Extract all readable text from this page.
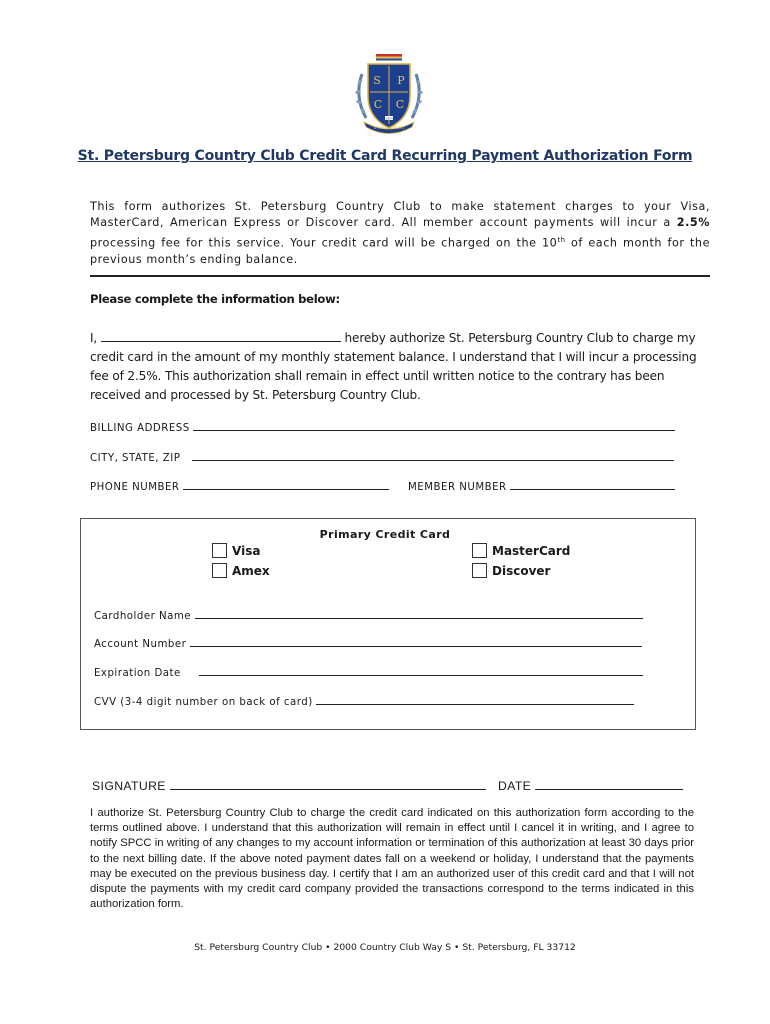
S P
C C
1924
ST. PETERSBURG
St. Petersburg Country Club Credit Card Recurring Payment Authorization Form
This form authorizes St. Petersburg Country Club to make statement charges to your Visa, MasterCard, American Express or Discover card. All member account payments will incur a 2.5% processing fee for this service. Your credit card will be charged on the 10th of each month for the previous month’s ending balance.
Please complete the information below:
I,	hereby authorize St. Petersburg Country Club to charge my credit card in the amount of my monthly statement balance. I understand that I will incur a processing fee of 2.5%. This authorization shall remain in effect until written notice to the contrary has been received and processed by St. Petersburg Country Club.
BILLING ADDRESS
CITY, STATE, ZIP
PHONE NUMBER	MEMBER NUMBER
Primary Credit Card
Visa
Amex
MasterCard
Discover
Cardholder Name
Account Number
Expiration Date
CVV (3-4 digit number on back of card)
SIGNATURE	DATE
I authorize St. Petersburg Country Club to charge the credit card indicated on this authorization form according to the terms outlined above. I understand that this authorization will remain in effect until I cancel it in writing, and I agree to notify SPCC in writing of any changes to my account information or termination of this authorization at least 30 days prior to the next billing date. If the above noted payment dates fall on a weekend or holiday, I understand that the payments may be executed on the previous business day. I certify that I am an authorized user of this credit card and that I will not dispute the payments with my credit card company provided the transactions correspond to the terms indicated in this authorization form.
St. Petersburg Country Club • 2000 Country Club Way S • St. Petersburg, FL 33712
